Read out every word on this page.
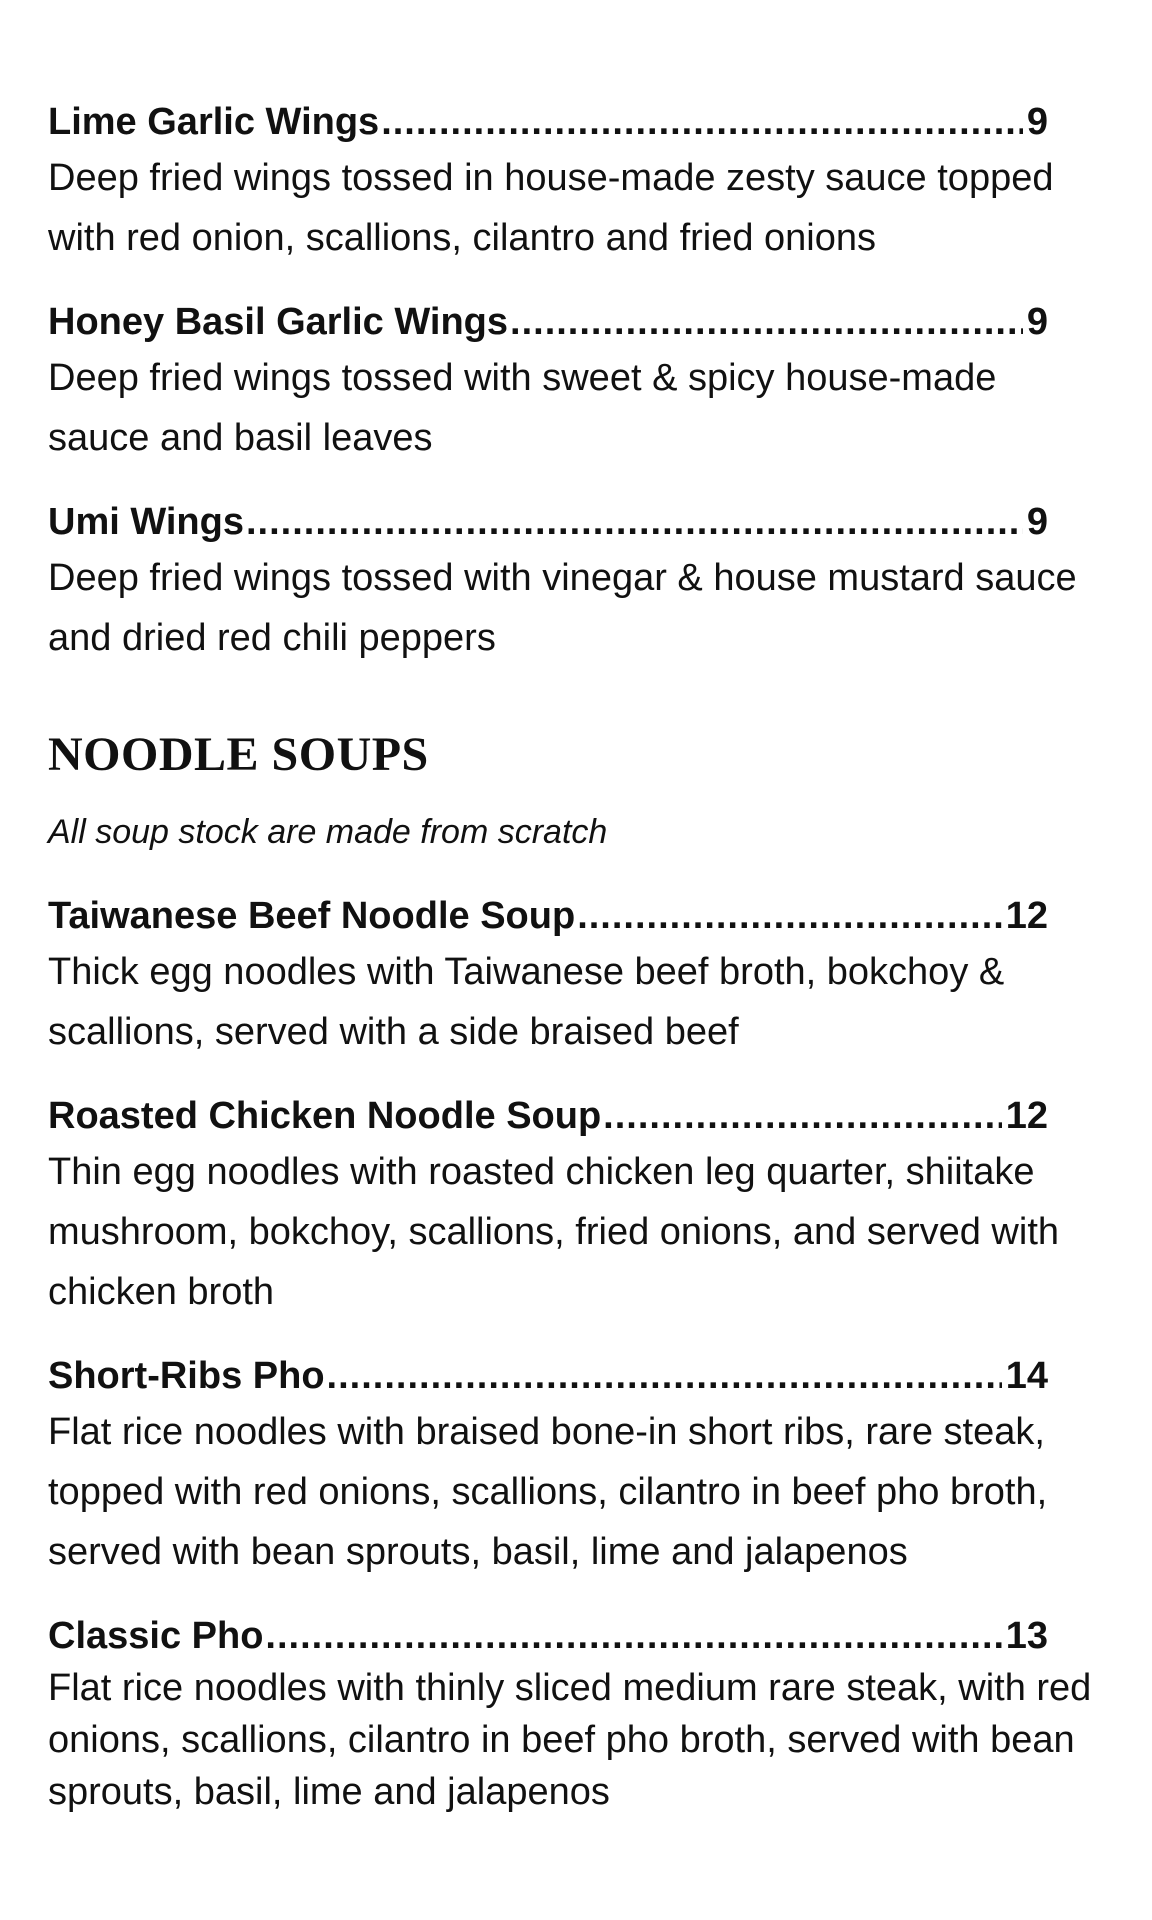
Lime Garlic Wings .....	9
Deep fried wings tossed in house-made zesty sauce topped with red onion, scallions, cilantro and fried onions
Honey Basil Garlic Wings .....	9
Deep fried wings tossed with sweet & spicy house-made sauce and basil leaves
Umi Wings .....	9
Deep fried wings tossed with vinegar & house mustard sauce and dried red chili peppers
NOODLE SOUPS
All soup stock are made from scratch
Taiwanese Beef Noodle Soup .....	12
Thick egg noodles with Taiwanese beef broth, bokchoy & scallions, served with a side braised beef
Roasted Chicken Noodle Soup .....	12
Thin egg noodles with roasted chicken leg quarter, shiitake mushroom, bokchoy, scallions, fried onions, and served with chicken broth
Short-Ribs Pho .....	14
Flat rice noodles with braised bone-in short ribs, rare steak, topped with red onions, scallions, cilantro in beef pho broth, served with bean sprouts, basil, lime and jalapenos
Classic Pho .....	13
Flat rice noodles with thinly sliced medium rare steak, with red onions, scallions, cilantro in beef pho broth, served with bean sprouts, basil, lime and jalapenos
